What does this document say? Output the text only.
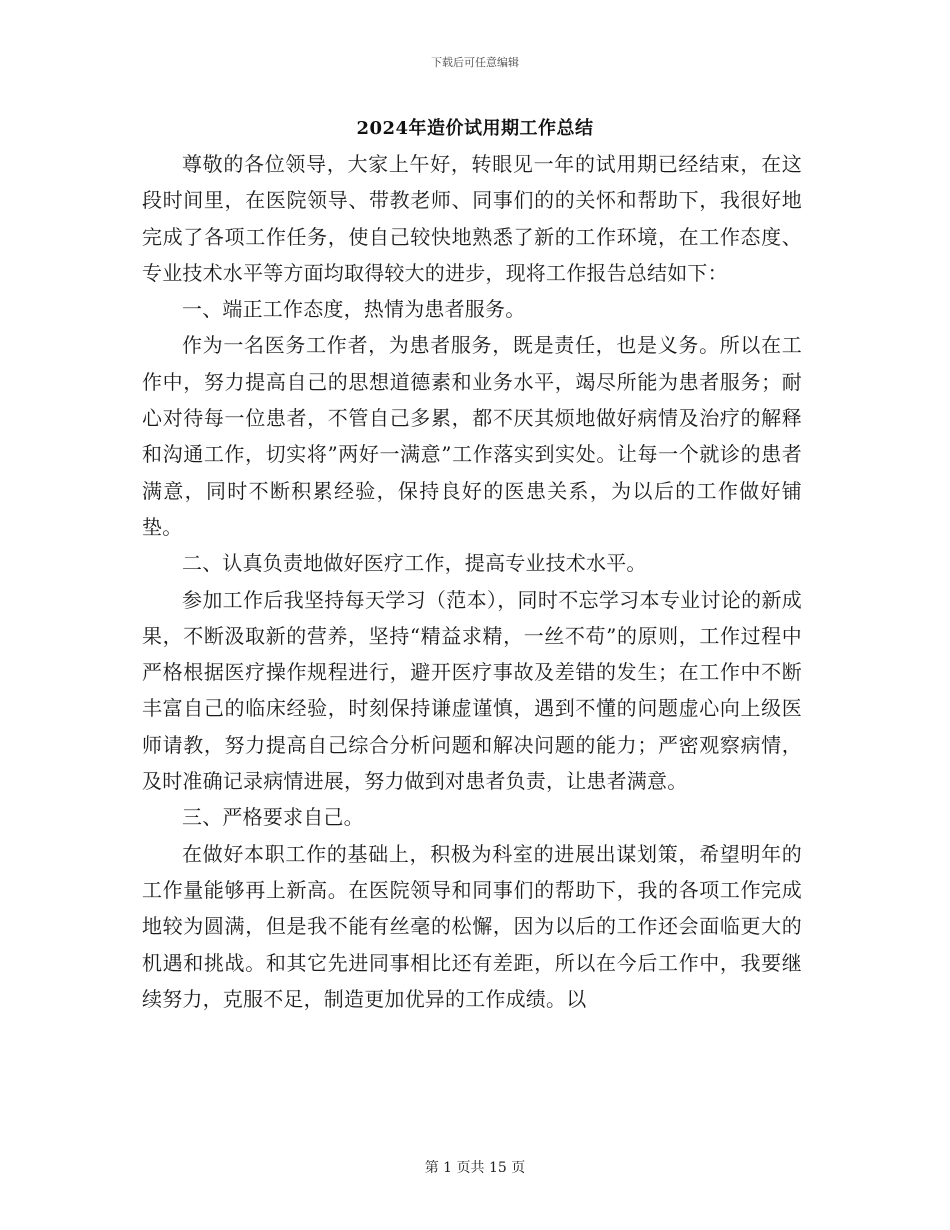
下载后可任意编辑
2024年造价试用期工作总结

尊敬的各位领导，大家上午好，转眼见一年的试用期已经结束，在这段时间里，在医院领导、带教老师、同事们的的关怀和帮助下，我很好地完成了各项工作任务，使自己较快地熟悉了新的工作环境，在工作态度、专业技术水平等方面均取得较大的进步，现将工作报告总结如下：

一、端正工作态度，热情为患者服务。

作为一名医务工作者，为患者服务，既是责任，也是义务。所以在工作中，努力提高自己的思想道德素和业务水平，竭尽所能为患者服务；耐心对待每一位患者，不管自己多累，都不厌其烦地做好病情及治疗的解释和沟通工作，切实将”两好一满意”工作落实到实处。让每一个就诊的患者满意，同时不断积累经验，保持良好的医患关系，为以后的工作做好铺垫。

二、认真负责地做好医疗工作，提高专业技术水平。

参加工作后我坚持每天学习（范本），同时不忘学习本专业讨论的新成果，不断汲取新的营养，坚持“精益求精，一丝不苟”的原则，工作过程中严格根据医疗操作规程进行，避开医疗事故及差错的发生；在工作中不断丰富自己的临床经验，时刻保持谦虚谨慎，遇到不懂的问题虚心向上级医师请教，努力提高自己综合分析问题和解决问题的能力；严密观察病情，及时准确记录病情进展，努力做到对患者负责，让患者满意。

三、严格要求自己。

在做好本职工作的基础上，积极为科室的进展出谋划策，希望明年的工作量能够再上新高。在医院领导和同事们的帮助下，我的各项工作完成地较为圆满，但是我不能有丝毫的松懈，因为以后的工作还会面临更大的机遇和挑战。和其它先进同事相比还有差距，所以在今后工作中，我要继续努力，克服不足，制造更加优异的工作成绩。以

第 1 页共 15 页
